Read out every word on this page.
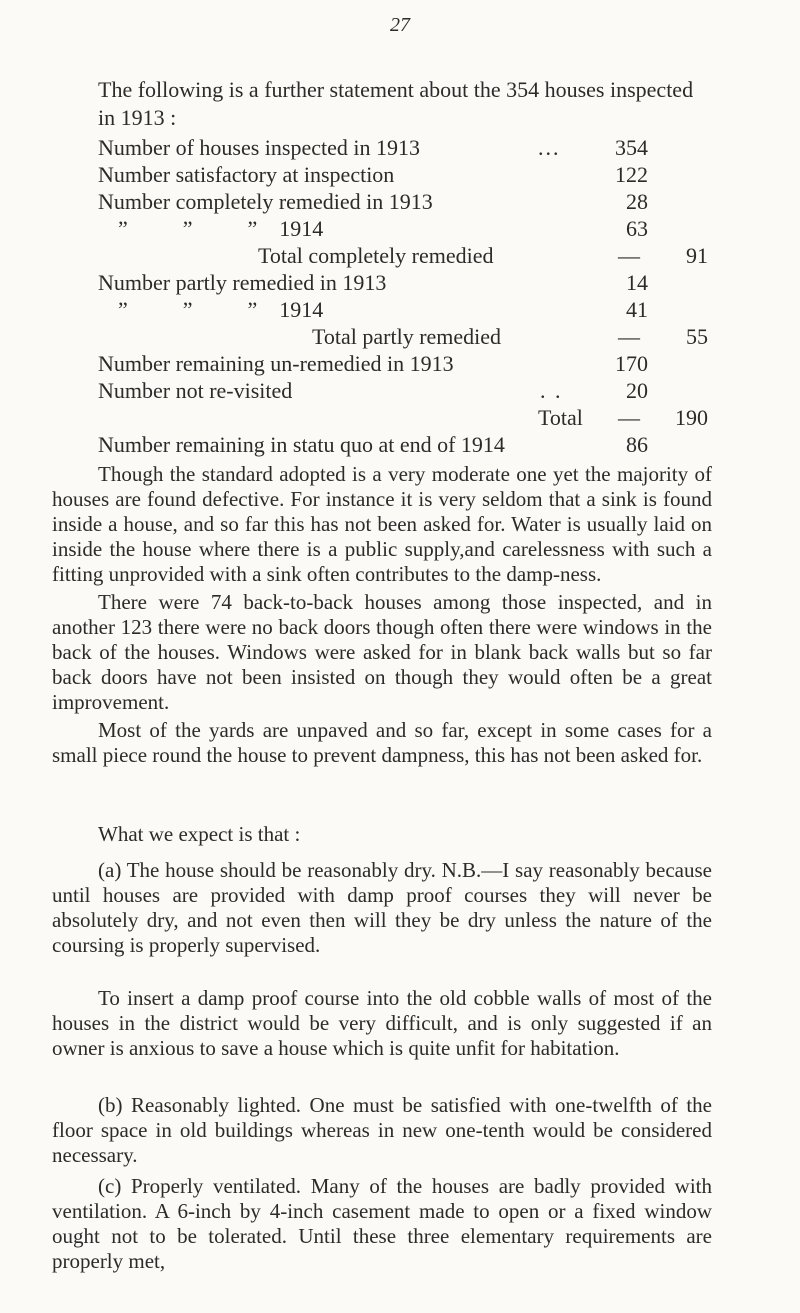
27
The following is a further statement about the 354 houses inspected in 1913 :
Number of houses inspected in 1913	...	354
Number satisfactory at inspection	122
Number completely remedied in 1913	28
”          ”          ”    1914	63
Total completely remedied	—	91
Number partly remedied in 1913	14
”          ”          ”    1914	41
Total partly remedied	—	55
Number remaining un-remedied in 1913	170
Number not re-visited	. .	20
Total —	190
Number remaining in statu quo at end of 1914	86
Though the standard adopted is a very moderate one yet the majority of houses are found defective. For instance it is very seldom that a sink is found inside a house, and so far this has not been asked for. Water is usually laid on inside the house where there is a public supply,and carelessness with such a fitting unprovided with a sink often contributes to the damp-ness.
There were 74 back-to-back houses among those inspected, and in another 123 there were no back doors though often there were windows in the back of the houses. Windows were asked for in blank back walls but so far back doors have not been insisted on though they would often be a great improvement.
Most of the yards are unpaved and so far, except in some cases for a small piece round the house to prevent dampness, this has not been asked for.
What we expect is that :
(a) The house should be reasonably dry. N.B.—I say reasonably because until houses are provided with damp proof courses they will never be absolutely dry, and not even then will they be dry unless the nature of the coursing is properly supervised.
To insert a damp proof course into the old cobble walls of most of the houses in the district would be very difficult, and is only suggested if an owner is anxious to save a house which is quite unfit for habitation.
(b) Reasonably lighted. One must be satisfied with one-twelfth of the floor space in old buildings whereas in new one-tenth would be considered necessary.
(c) Properly ventilated. Many of the houses are badly provided with ventilation. A 6-inch by 4-inch casement made to open or a fixed window ought not to be tolerated. Until these three elementary requirements are properly met,
